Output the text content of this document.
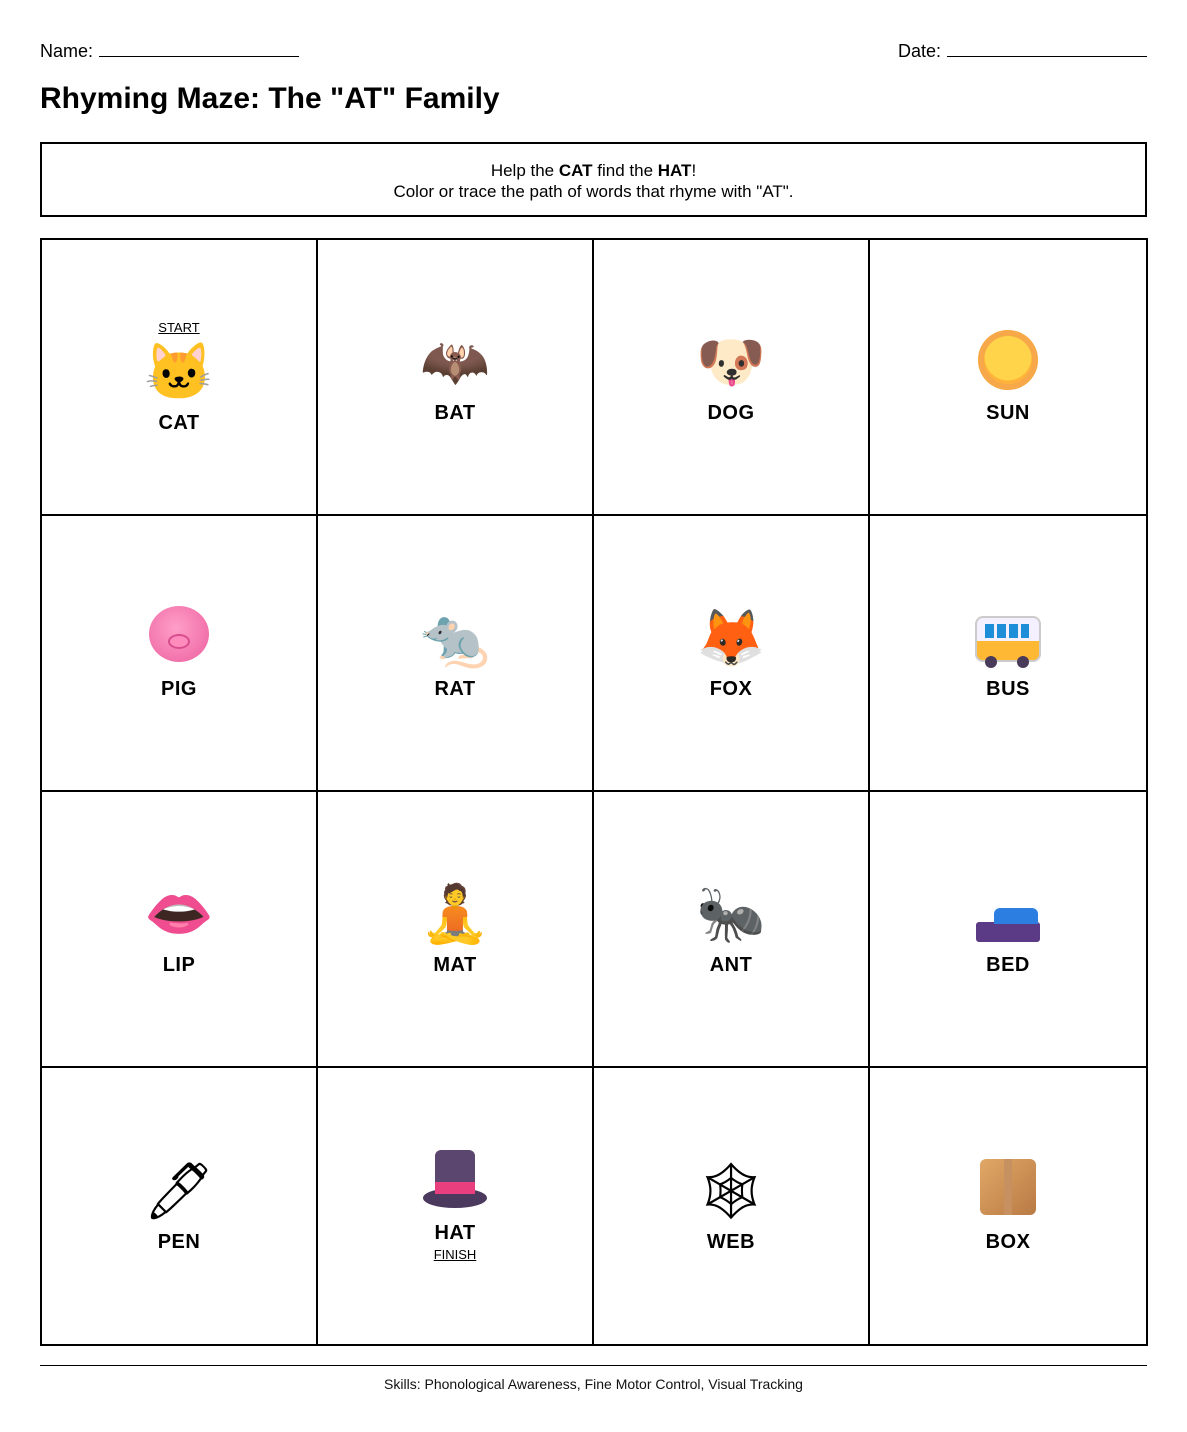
Name:	Date:
Rhyming Maze: The "AT" Family
Help the CAT find the HAT!
Color or trace the path of words that rhyme with "AT".
START
🐱
CAT
🦇
BAT
🐶
DOG	SUN
PIG
🐀
RAT
🦊
FOX	BUS
👄
LIP
🧘
MAT
🐜
ANT	BED
🖊
PEN	HAT
FINISH
🕸
WEB	BOX
Skills: Phonological Awareness, Fine Motor Control, Visual Tracking
